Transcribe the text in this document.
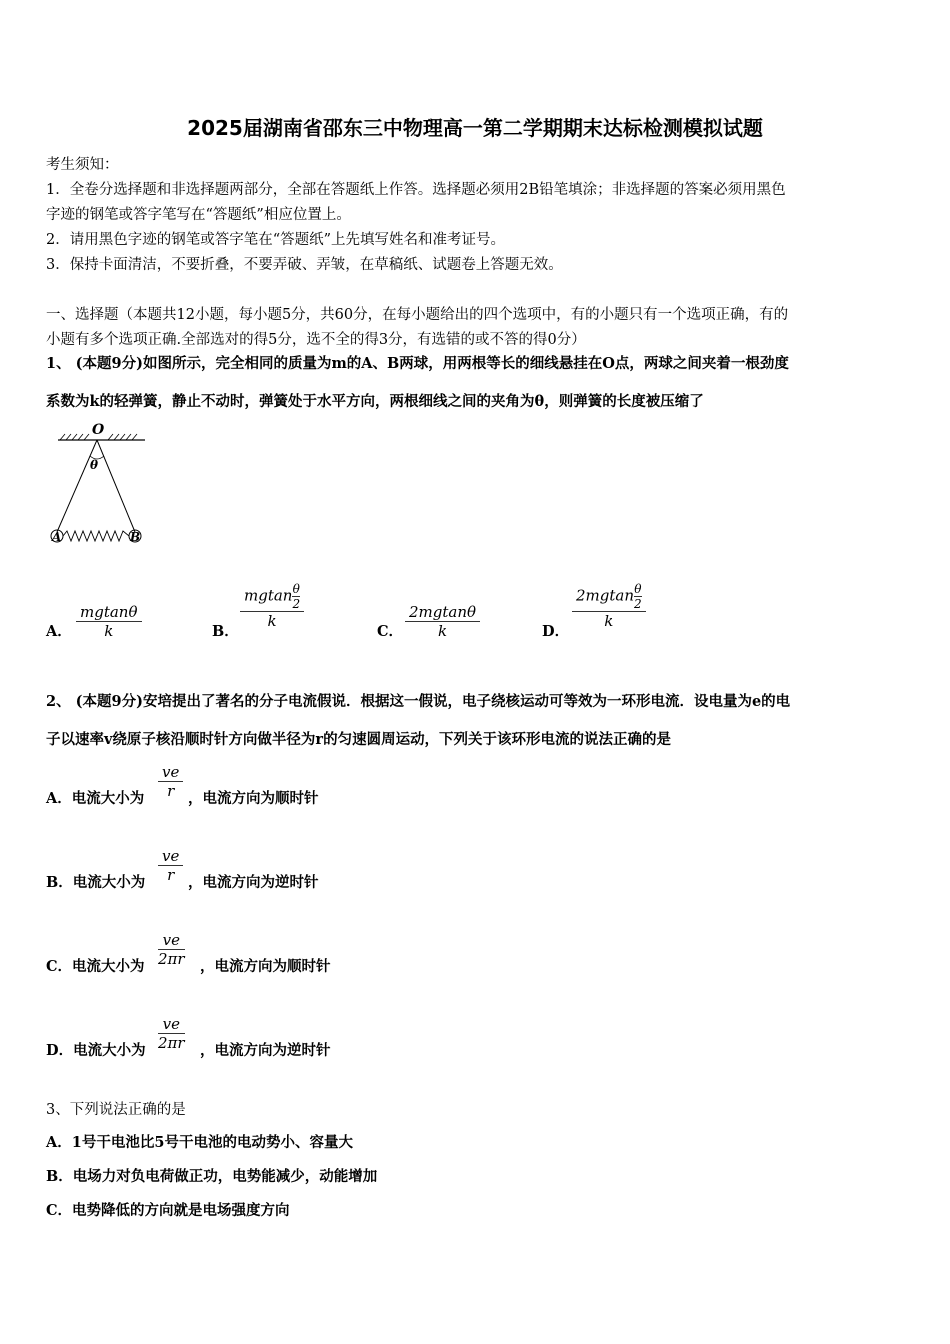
2025届湖南省邵东三中物理高一第二学期期末达标检测模拟试题
考生须知：
1．全卷分选择题和非选择题两部分，全部在答题纸上作答。选择题必须用2B铅笔填涂；非选择题的答案必须用黑色
字迹的钢笔或答字笔写在“答题纸”相应位置上。
2．请用黑色字迹的钢笔或答字笔在“答题纸”上先填写姓名和准考证号。
3．保持卡面清洁，不要折叠，不要弄破、弄皱，在草稿纸、试题卷上答题无效。
一、选择题（本题共12小题，每小题5分，共60分，在每小题给出的四个选项中，有的小题只有一个选项正确，有的
小题有多个选项正确.全部选对的得5分，选不全的得3分，有选错的或不答的得0分）
1、 (本题9分)如图所示，完全相同的质量为m的A、B两球，用两根等长的细线悬挂在O点，两球之间夹着一根劲度
系数为k的轻弹簧，静止不动时，弹簧处于水平方向，两根细线之间的夹角为θ，则弹簧的长度被压缩了
O
θ
A	B
A．
mgtanθ
k	B．
$mgtan\frac{\theta}{2}$
k
C．
2mgtanθ
k	D．
$2mgtan\frac{\theta}{2}$
k
2、 (本题9分)安培提出了著名的分子电流假说．根据这一假说，电子绕核运动可等效为一环形电流．设电量为e的电
子以速率v绕原子核沿顺时针方向做半径为r的匀速圆周运动，下列关于该环形电流的说法正确的是
A．电流大小为
ve
r ，电流方向为顺时针
B．电流大小为
ve
r ，电流方向为逆时针
C．电流大小为
ve
2πr ，电流方向为顺时针
D．电流大小为
ve
2πr ，电流方向为逆时针
3、下列说法正确的是
A．1号干电池比5号干电池的电动势小、容量大
B．电场力对负电荷做正功，电势能减少，动能增加
C．电势降低的方向就是电场强度方向
